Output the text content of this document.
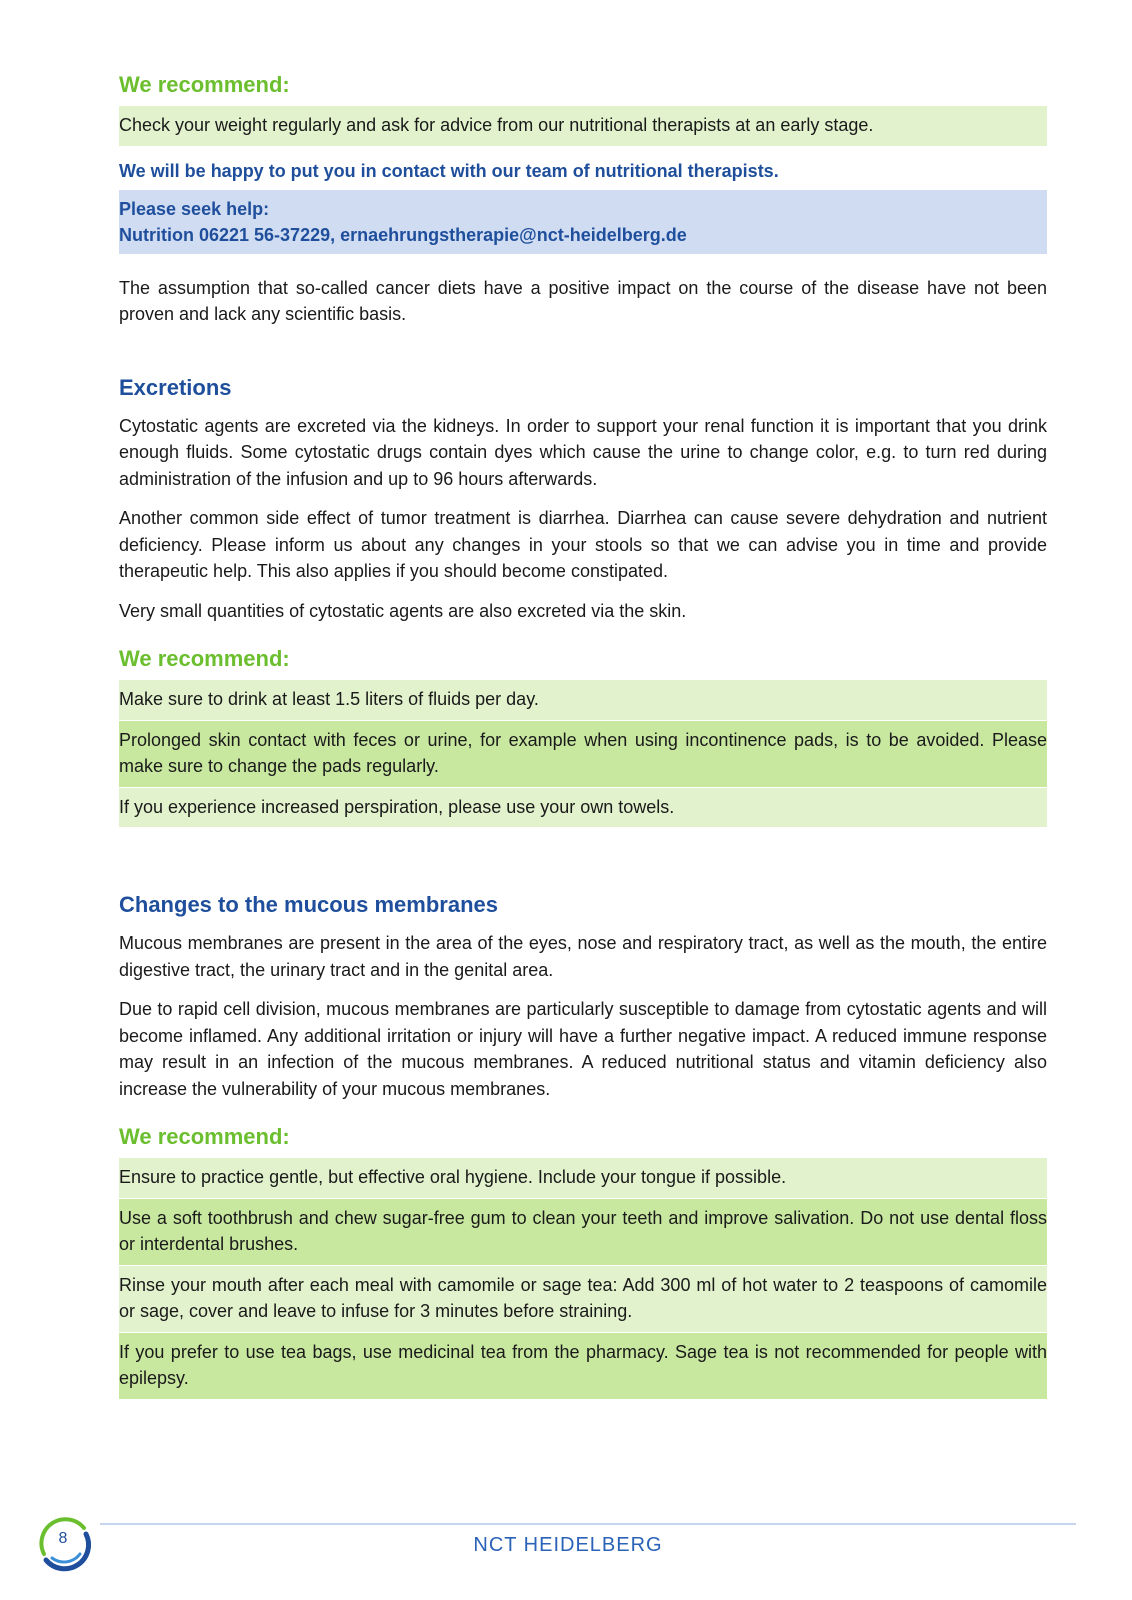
We recommend:
Check your weight regularly and ask for advice from our nutritional therapists at an early stage.

We will be happy to put you in contact with our team of nutritional therapists.

Please seek help:
Nutrition 06221 56-37229, ernaehrungstherapie@nct-heidelberg.de

The assumption that so-called cancer diets have a positive impact on the course of the disease have not been proven and lack any scientific basis.

Excretions

Cytostatic agents are excreted via the kidneys. In order to support your renal function it is important that you drink enough fluids. Some cytostatic drugs contain dyes which cause the urine to change color, e.g. to turn red during administration of the infusion and up to 96 hours afterwards.

Another common side effect of tumor treatment is diarrhea. Diarrhea can cause severe dehydration and nutrient deficiency. Please inform us about any changes in your stools so that we can advise you in time and provide therapeutic help. This also applies if you should become constipated.

Very small quantities of cytostatic agents are also excreted via the skin.

We recommend:
Make sure to drink at least 1.5 liters of fluids per day.
Prolonged skin contact with feces or urine, for example when using incontinence pads, is to be avoided. Please make sure to change the pads regularly.
If you experience increased perspiration, please use your own towels.
Changes to the mucous membranes

Mucous membranes are present in the area of the eyes, nose and respiratory tract, as well as the mouth, the entire digestive tract, the urinary tract and in the genital area.

Due to rapid cell division, mucous membranes are particularly susceptible to damage from cytostatic agents and will become inflamed. Any additional irritation or injury will have a further negative impact. A reduced immune response may result in an infection of the mucous membranes. A reduced nutritional status and vitamin deficiency also increase the vulnerability of your mucous membranes.

We recommend:
Ensure to practice gentle, but effective oral hygiene. Include your tongue if possible.
Use a soft toothbrush and chew sugar-free gum to clean your teeth and improve salivation. Do not use dental floss or interdental brushes.
Rinse your mouth after each meal with camomile or sage tea: Add 300 ml of hot water to 2 teaspoons of camomile or sage, cover and leave to infuse for 3 minutes before straining.
If you prefer to use tea bags, use medicinal tea from the pharmacy. Sage tea is not recommended for people with epilepsy.
8	NCT HEIDELBERG
